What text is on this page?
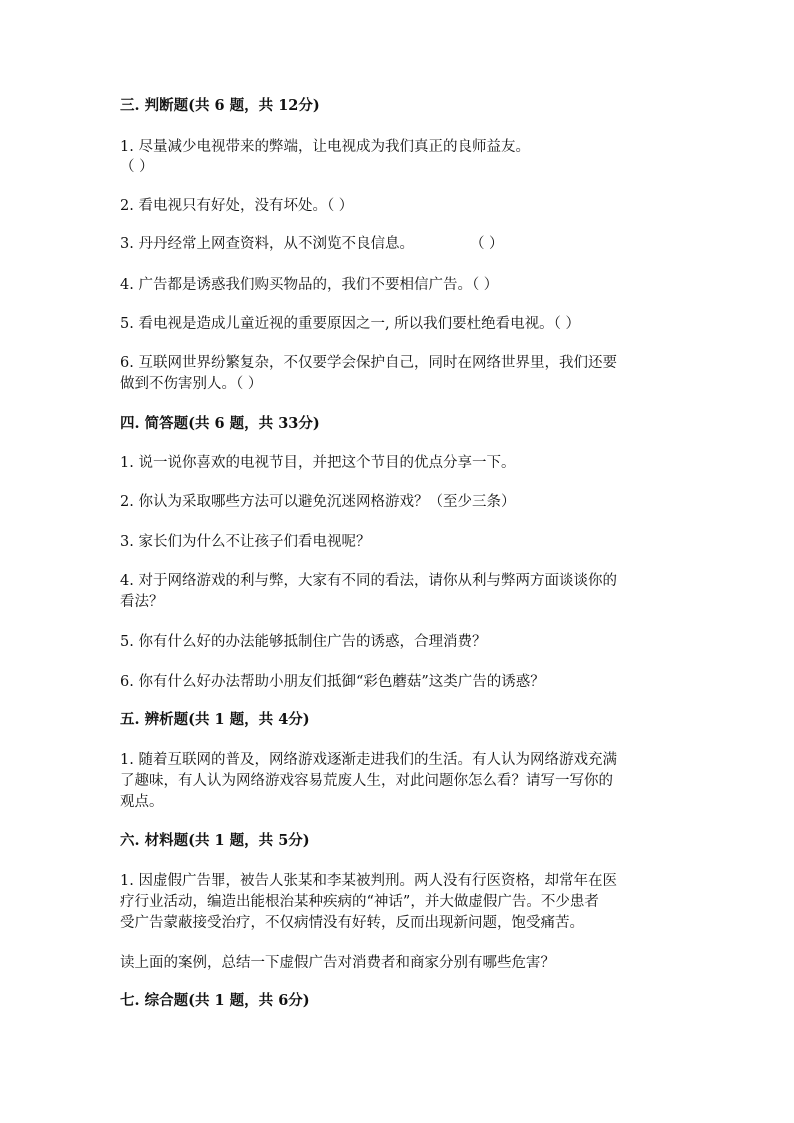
三. 判断题(共 6 题，共 12分)
1. 尽量减少电视带来的弊端，让电视成为我们真正的良师益友。
（ ）
2. 看电视只有好处，没有坏处。（ ）
3. 丹丹经常上网查资料，从不浏览不良信息。	（ ）
4. 广告都是诱惑我们购买物品的，我们不要相信广告。（ ）
5. 看电视是造成儿童近视的重要原因之一, 所以我们要杜绝看电视。（ ）
6. 互联网世界纷繁复杂，不仅要学会保护自己，同时在网络世界里，我们还要
做到不伤害别人。（ ）
四. 简答题(共 6 题，共 33分)
1. 说一说你喜欢的电视节目，并把这个节目的优点分享一下。
2. 你认为采取哪些方法可以避免沉迷网格游戏？（至少三条）
3. 家长们为什么不让孩子们看电视呢？
4. 对于网络游戏的利与弊，大家有不同的看法，请你从利与弊两方面谈谈你的
看法？
5. 你有什么好的办法能够抵制住广告的诱惑，合理消费？
6. 你有什么好办法帮助小朋友们抵御“彩色蘑菇”这类广告的诱惑？
五. 辨析题(共 1 题，共 4分)
1. 随着互联网的普及，网络游戏逐渐走进我们的生活。有人认为网络游戏充满
了趣味，有人认为网络游戏容易荒废人生，对此问题你怎么看？请写一写你的
观点。
六. 材料题(共 1 题，共 5分)
1. 因虚假广告罪，被告人张某和李某被判刑。两人没有行医资格，却常年在医
疗行业活动，编造出能根治某种疾病的“神话”，并大做虚假广告。不少患者
受广告蒙蔽接受治疗，不仅病情没有好转，反而出现新问题，饱受痛苦。
读上面的案例，总结一下虚假广告对消费者和商家分别有哪些危害？
七. 综合题(共 1 题，共 6分)
